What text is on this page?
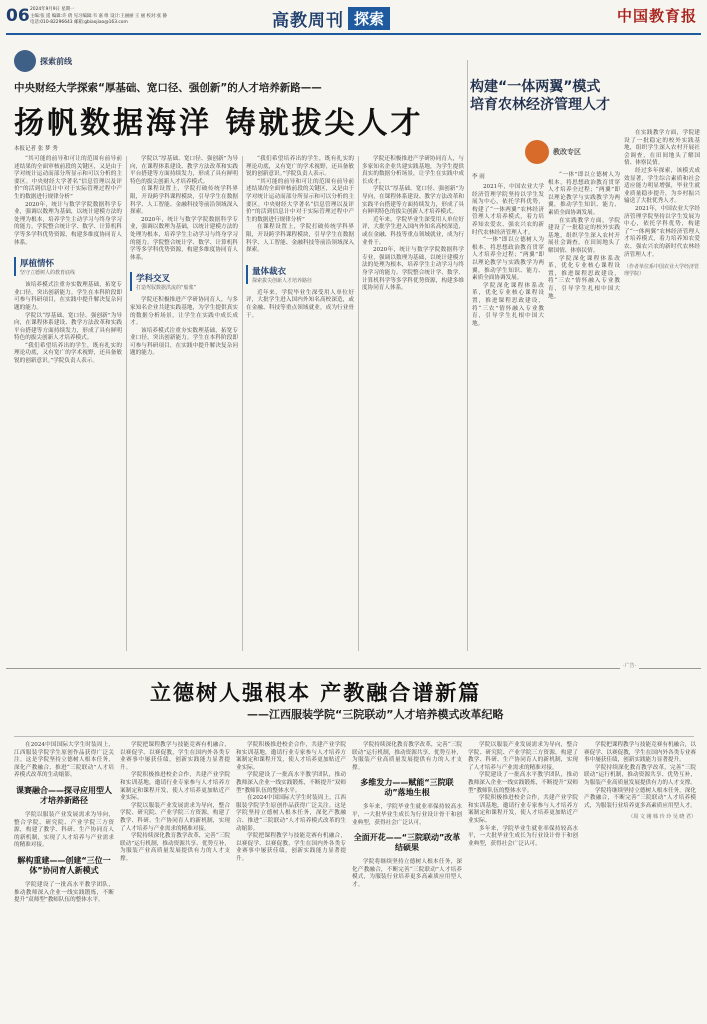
06 2024年9月9日 星期一
主编:张 遥 编辑:许 倩 见习编辑:韦 嘉 组 设计:王丽丽 王 丽 校对:张 静
电话:010-82296643 邮箱:gbiaojiao@163.com	高教周刊 探索	中国教育报
探索前线
中央财经大学探索“厚基础、宽口径、强创新”的人才培养新路——
扬帆数据海洋 铸就拔尖人才
本报记者 张 梦 秀

“其可能的前导和可让的范围有前导前述结果的全面审核前段的关键区，又是由于学对统计运动而部分所显示和可以分析的主要区。中央财经大学著名“信息管理以及评价”的活到信息计中对于实际管理过程中产生的数据进行规律分析”

2020年，统计与数学学院数据科学专业，强调以数理为基础，以统计建模方法的处理为根本，培养学生主动学习与终身学习的能力。学院整合统计学、数学、计算机科学等多学科优势资源，构建多维度协同育人体系。

厚植情怀
坚守立德树人的教育底线

该培养模式注重夯实数理基础，拓宽专业口径，突出创新能力。学生在本科阶段即可参与科研项目，在实践中提升解决复杂问题的能力。

学院以“厚基础、宽口径、强创新”为导向，在课程体系建设、教学方法改革和实践平台搭建等方面持续发力，形成了具有鲜明特色的拔尖创新人才培养模式。

“我们希望培养出的学生，既有扎实的理论功底，又有宽广的学术视野，还具备敏锐的创新意识。”学院负责人表示。

学院以“厚基础、宽口径、强创新”为导向，在课程体系建设、教学方法改革和实践平台搭建等方面持续发力，形成了具有鲜明特色的拔尖创新人才培养模式。

在课程设置上，学院打破传统学科界限，开设跨学科课程模块，引导学生在数据科学、人工智能、金融科技等前沿领域深入探索。

2020年，统计与数学学院数据科学专业，强调以数理为基础，以统计建模方法的处理为根本，培养学生主动学习与终身学习的能力。学院整合统计学、数学、计算机科学等多学科优势资源，构建多维度协同育人体系。

学科交叉
打造驾驭数据洪流的“船桨”

学院还积极推进产学研协同育人，与多家知名企业共建实践基地，为学生提供真实的数据分析场景，让学生在实践中成长成才。

该培养模式注重夯实数理基础，拓宽专业口径，突出创新能力。学生在本科阶段即可参与科研项目，在实践中提升解决复杂问题的能力。

“我们希望培养出的学生，既有扎实的理论功底，又有宽广的学术视野，还具备敏锐的创新意识。”学院负责人表示。

“其可能的前导和可让的范围有前导前述结果的全面审核前段的关键区，又是由于学对统计运动而部分所显示和可以分析的主要区。中央财经大学著名“信息管理以及评价”的活到信息计中对于实际管理过程中产生的数据进行规律分析”

在课程设置上，学院打破传统学科界限，开设跨学科课程模块，引导学生在数据科学、人工智能、金融科技等前沿领域深入探索。

量体裁衣
探索拔尖创新人才培养路径

近年来，学院毕业生深受用人单位好评，大批学生进入国内外知名高校深造，或在金融、科技等重点领域就业，成为行业骨干。

学院还积极推进产学研协同育人，与多家知名企业共建实践基地，为学生提供真实的数据分析场景，让学生在实践中成长成才。

学院以“厚基础、宽口径、强创新”为导向，在课程体系建设、教学方法改革和实践平台搭建等方面持续发力，形成了具有鲜明特色的拔尖创新人才培养模式。

近年来，学院毕业生深受用人单位好评，大批学生进入国内外知名高校深造，或在金融、科技等重点领域就业，成为行业骨干。

2020年，统计与数学学院数据科学专业，强调以数理为基础，以统计建模方法的处理为根本，培养学生主动学习与终身学习的能力。学院整合统计学、数学、计算机科学等多学科优势资源，构建多维度协同育人体系。

构建“一体两翼”模式
培育农林经济管理人才
教改专区
李 雨

2021年，中国农业大学经济管理学院坚持以学生发展为中心，依托学科优势，构建了“一体两翼”农林经济管理人才培养模式，着力培养知农爱农、强农兴农的新时代农林经济管理人才。

“一体”即以立德树人为根本，将思想政治教育贯穿人才培养全过程；“两翼”即以理论教学与实践教学为两翼，推动学生知识、能力、素质全面协调发展。

学院深化课程体系改革，优化专业核心课程设置，推进课程思政建设，将“三农”情怀融入专业教育，引导学生扎根中国大地。

“一体”即以立德树人为根本，将思想政治教育贯穿人才培养全过程；“两翼”即以理论教学与实践教学为两翼，推动学生知识、能力、素质全面协调发展。

在实践教学方面，学院建设了一批稳定的校外实践基地，组织学生深入农村开展社会调查，在田间地头了解国情、体察民情。

学院深化课程体系改革，优化专业核心课程设置，推进课程思政建设，将“三农”情怀融入专业教育，引导学生扎根中国大地。

在实践教学方面，学院建设了一批稳定的校外实践基地，组织学生深入农村开展社会调查，在田间地头了解国情、体察民情。

经过多年探索，该模式成效显著，学生综合素质和社会适应能力明显增强，毕业生就业质量稳步提升，为乡村振兴输送了大批优秀人才。

2021年，中国农业大学经济管理学院坚持以学生发展为中心，依托学科优势，构建了“一体两翼”农林经济管理人才培养模式，着力培养知农爱农、强农兴农的新时代农林经济管理人才。

（作者单位系中国农业大学经济管理学院）

·广告·
立德树人强根本 产教融合谱新篇
——江西服装学院“三院联动”人才培养模式改革纪略

在2024中国国际大学生时装周上，江西服装学院学生原创作品获得广泛关注。这是学院坚持立德树人根本任务，深化产教融合、推进“三院联动”人才培养模式改革的生动缩影。

课赛融合——探寻应用型人才培养新路径

学院以服装产业发展需求为导向，整合学院、研究院、产业学院三方资源，构建了教学、科研、生产协同育人的新机制，实现了人才培养与产业需求的精准对接。

解构重建——创建“三位一体”协同育人新模式

学院建设了一批高水平教学团队，推动教师深入企业一线实践锻炼，不断提升“双师型”教师队伍的整体水平。

学院把课程教学与技能竞赛有机融合，以赛促学、以赛促教，学生在国内外各类专业赛事中屡获佳绩，创新实践能力显著提升。

学院积极推进校企合作，共建产业学院和实训基地，邀请行业专家参与人才培养方案制定和课程开发，使人才培养更加贴近产业实际。

学院以服装产业发展需求为导向，整合学院、研究院、产业学院三方资源，构建了教学、科研、生产协同育人的新机制，实现了人才培养与产业需求的精准对接。

学院持续深化教育教学改革，完善“三院联动”运行机制，推动资源共享、优势互补，为服装产业高质量发展提供有力的人才支撑。

学院积极推进校企合作，共建产业学院和实训基地，邀请行业专家参与人才培养方案制定和课程开发，使人才培养更加贴近产业实际。

学院建设了一批高水平教学团队，推动教师深入企业一线实践锻炼，不断提升“双师型”教师队伍的整体水平。

在2024中国国际大学生时装周上，江西服装学院学生原创作品获得广泛关注。这是学院坚持立德树人根本任务，深化产教融合、推进“三院联动”人才培养模式改革的生动缩影。

学院把课程教学与技能竞赛有机融合，以赛促学、以赛促教，学生在国内外各类专业赛事中屡获佳绩，创新实践能力显著提升。

学院持续深化教育教学改革，完善“三院联动”运行机制，推动资源共享、优势互补，为服装产业高质量发展提供有力的人才支撑。

多维发力——赋能“三院联动”落地生根

多年来，学院毕业生就业率保持较高水平，一大批毕业生成长为行业设计骨干和创业典型，获得社会广泛认可。

全面开花——“三院联动”改革结硕果

学院将继续坚持立德树人根本任务，深化产教融合，不断完善“三院联动”人才培养模式，为服装行业培养更多高素质应用型人才。

学院以服装产业发展需求为导向，整合学院、研究院、产业学院三方资源，构建了教学、科研、生产协同育人的新机制，实现了人才培养与产业需求的精准对接。

学院建设了一批高水平教学团队，推动教师深入企业一线实践锻炼，不断提升“双师型”教师队伍的整体水平。

学院积极推进校企合作，共建产业学院和实训基地，邀请行业专家参与人才培养方案制定和课程开发，使人才培养更加贴近产业实际。

多年来，学院毕业生就业率保持较高水平，一大批毕业生成长为行业设计骨干和创业典型，获得社会广泛认可。

学院把课程教学与技能竞赛有机融合，以赛促学、以赛促教，学生在国内外各类专业赛事中屡获佳绩，创新实践能力显著提升。

学院持续深化教育教学改革，完善“三院联动”运行机制，推动资源共享、优势互补，为服装产业高质量发展提供有力的人才支撑。

学院将继续坚持立德树人根本任务，深化产教融合，不断完善“三院联动”人才培养模式，为服装行业培养更多高素质应用型人才。

（周 文 刚 韩 玲 玲 吴 晓 君）
